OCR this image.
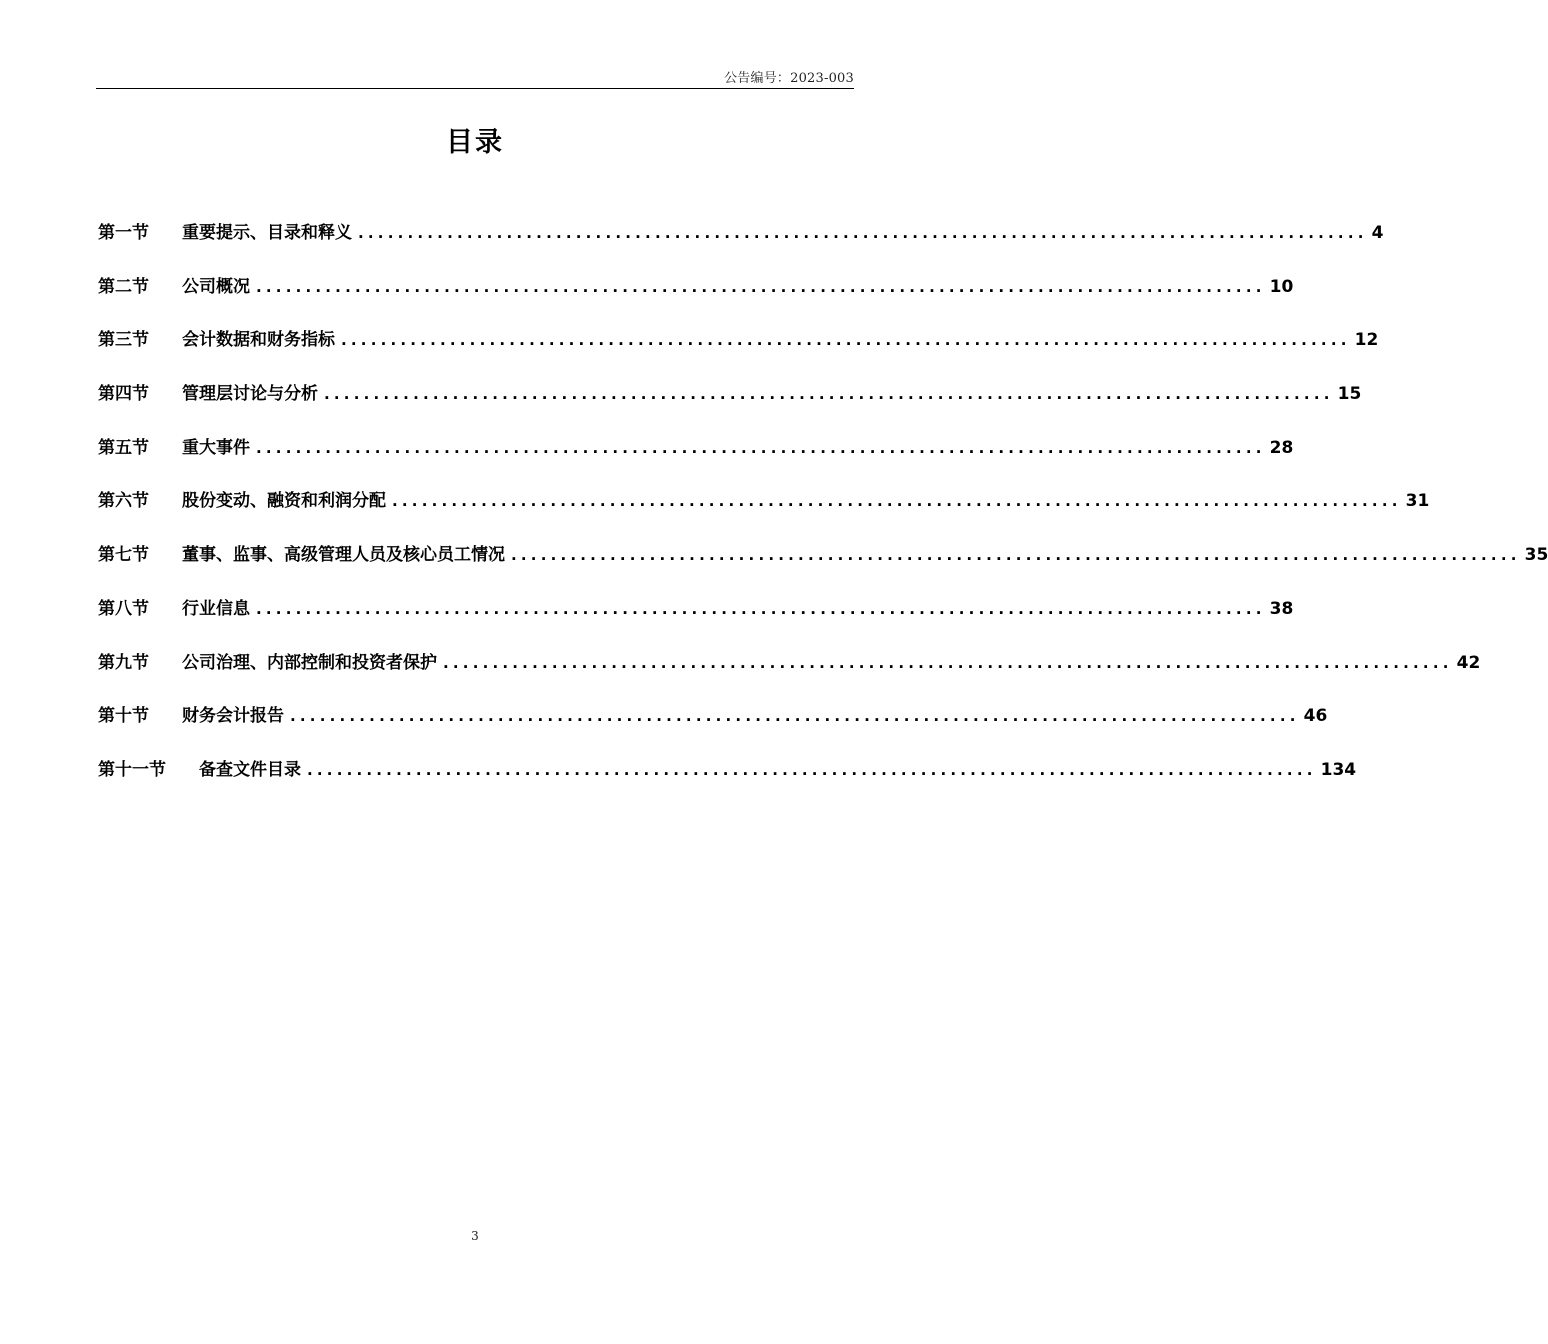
公告编号：2023-003
目录
第一节	重要提示、目录和释义 ...................................................................................................... 4
第二节	公司概况 ...................................................................................................... 10
第三节	会计数据和财务指标 ...................................................................................................... 12
第四节	管理层讨论与分析 ...................................................................................................... 15
第五节	重大事件 ...................................................................................................... 28
第六节	股份变动、融资和利润分配 ...................................................................................................... 31
第七节	董事、监事、高级管理人员及核心员工情况 ...................................................................................................... 35
第八节	行业信息 ...................................................................................................... 38
第九节	公司治理、内部控制和投资者保护 ...................................................................................................... 42
第十节	财务会计报告 ...................................................................................................... 46
第十一节	备查文件目录 ...................................................................................................... 134
3
